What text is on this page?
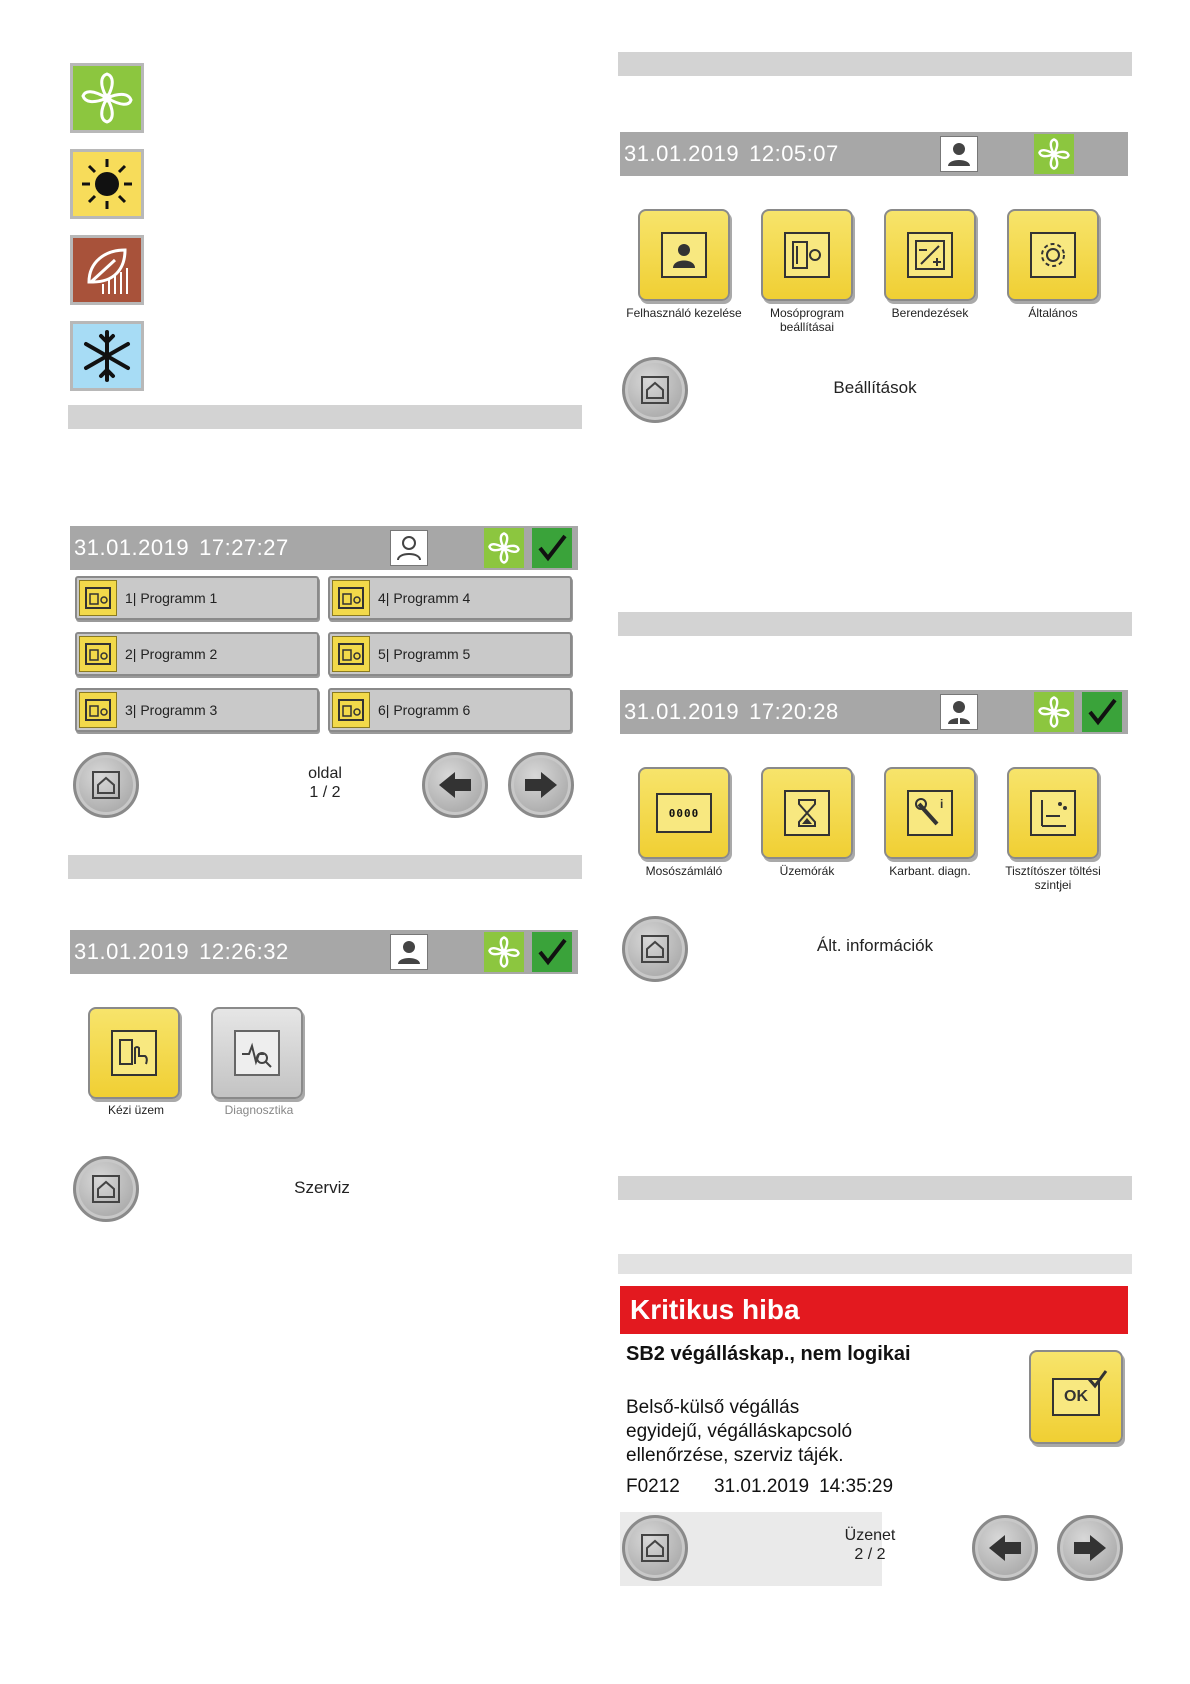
31.01.2019 17:27:27
1| Programm 1
2| Programm 2
3| Programm 3
4| Programm 4
5| Programm 5
6| Programm 6
oldal
1 / 2
31.01.2019 12:26:32
Kézi üzem	Diagnosztika
Szerviz
31.01.2019 12:05:07
Felhasználó kezelése	Mosóprogram beállításai
Berendezések	Általános
Beállítások
31.01.2019 17:20:28
0000
Mosószámláló	Üzemórák
i
Karbant. diagn.	Tisztítószer töltési szintjei
Ált. információk
Kritikus hiba
SB2 végálláskap., nem logikai
Belső-külső végállás
egyidejű, végálláskapcsoló
ellenőrzése, szerviz tájék.
F0212 31.01.2019 14:35:29
OK
Üzenet
2 / 2
